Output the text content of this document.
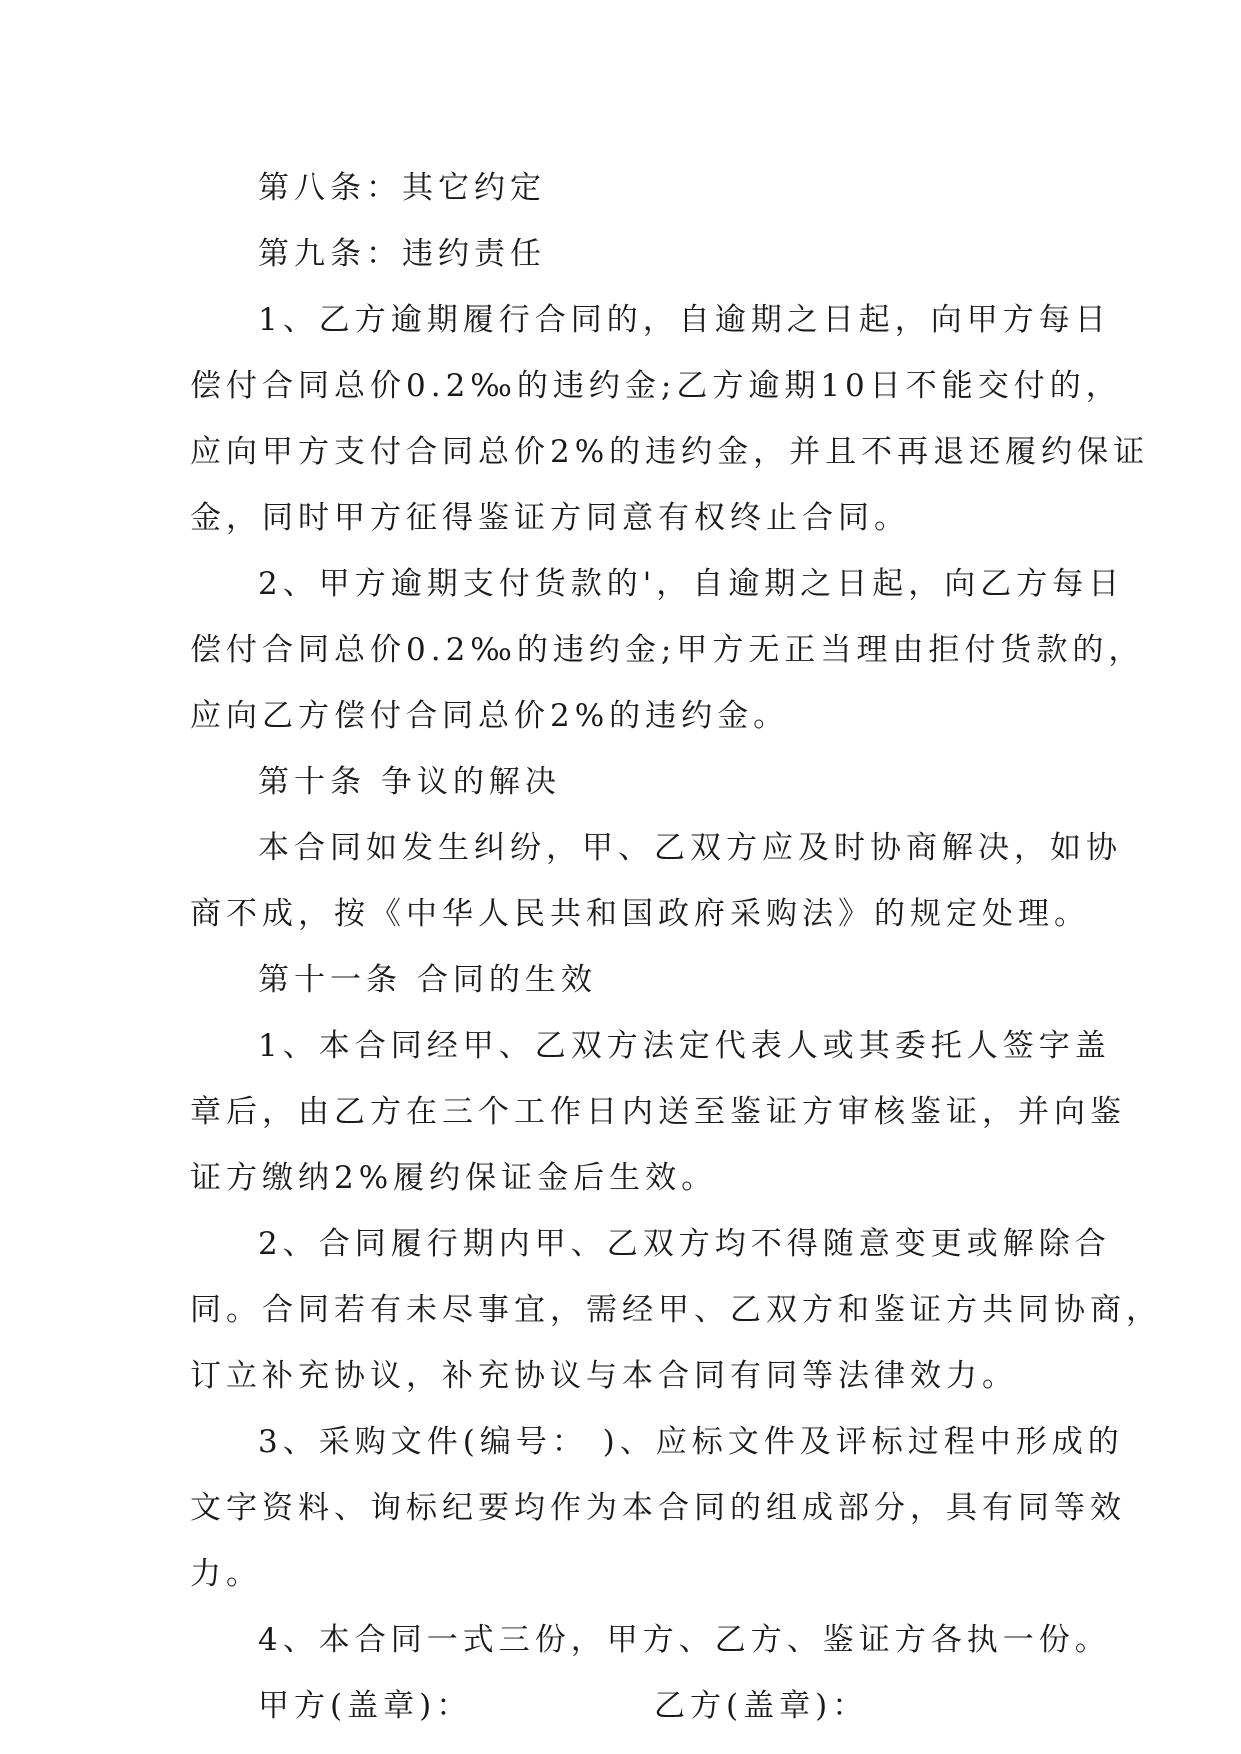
第八条：其它约定
第九条：违约责任
1、乙方逾期履行合同的，自逾期之日起，向甲方每日
偿付合同总价0.2‰的违约金;乙方逾期10日不能交付的，
应向甲方支付合同总价2%的违约金，并且不再退还履约保证
金，同时甲方征得鉴证方同意有权终止合同。
2、甲方逾期支付货款的'，自逾期之日起，向乙方每日
偿付合同总价0.2‰的违约金;甲方无正当理由拒付货款的，
应向乙方偿付合同总价2%的违约金。
第十条 争议的解决
本合同如发生纠纷，甲、乙双方应及时协商解决，如协
商不成，按《中华人民共和国政府采购法》的规定处理。
第十一条 合同的生效
1、本合同经甲、乙双方法定代表人或其委托人签字盖
章后，由乙方在三个工作日内送至鉴证方审核鉴证，并向鉴
证方缴纳2%履约保证金后生效。
2、合同履行期内甲、乙双方均不得随意变更或解除合
同。合同若有未尽事宜，需经甲、乙双方和鉴证方共同协商，
订立补充协议，补充协议与本合同有同等法律效力。
3、采购文件(编号： )、应标文件及评标过程中形成的
文字资料、询标纪要均作为本合同的组成部分，具有同等效
力。
4、本合同一式三份，甲方、乙方、鉴证方各执一份。
甲方(盖章)：	乙方(盖章)：
